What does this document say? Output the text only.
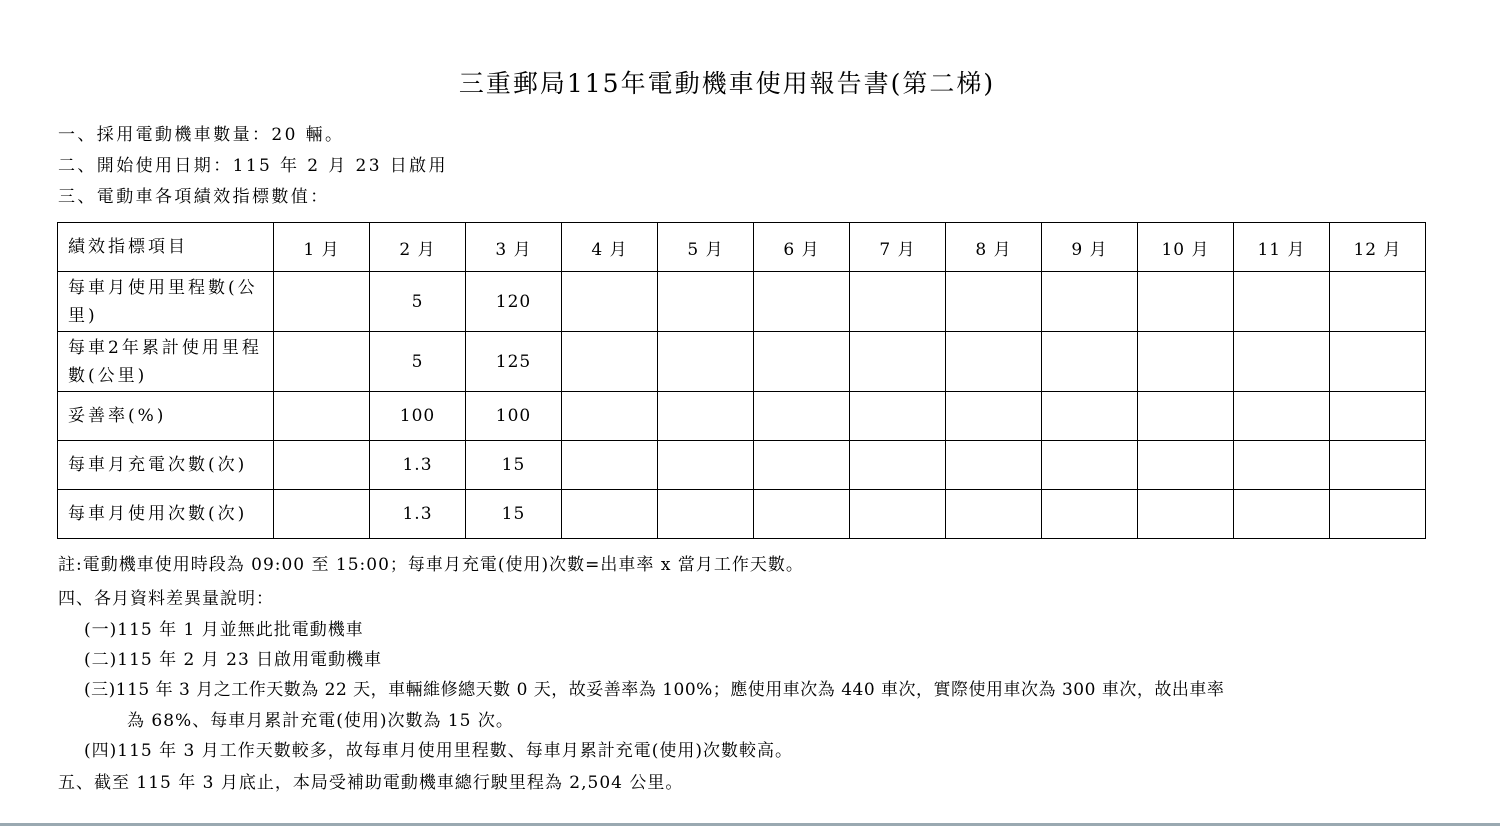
三重郵局115年電動機車使用報告書(第二梯)
一、採用電動機車數量：20 輛。
二、開始使用日期：115 年 2 月 23 日啟用
三、電動車各項績效指標數值：
績效指標項目	1 月	2 月	3 月	4 月	5 月	6 月	7 月	8 月	9 月	10 月	11 月	12 月
每車月使用里程數(公里)		5	120									
每車2年累計使用里程數(公里)		5	125									
妥善率(%)		100	100									
每車月充電次數(次)		1.3	15									
每車月使用次數(次)		1.3	15									
註:電動機車使用時段為 09:00 至 15:00；每車月充電(使用)次數=出車率 x 當月工作天數。
四、各月資料差異量說明：
(一)115 年 1 月並無此批電動機車
(二)115 年 2 月 23 日啟用電動機車
(三)115 年 3 月之工作天數為 22 天，車輛維修總天數 0 天，故妥善率為 100%；應使用車次為 440 車次，實際使用車次為 300 車次，故出車率
為 68%、每車月累計充電(使用)次數為 15 次。
(四)115 年 3 月工作天數較多，故每車月使用里程數、每車月累計充電(使用)次數較高。
五、截至 115 年 3 月底止，本局受補助電動機車總行駛里程為 2,504 公里。
